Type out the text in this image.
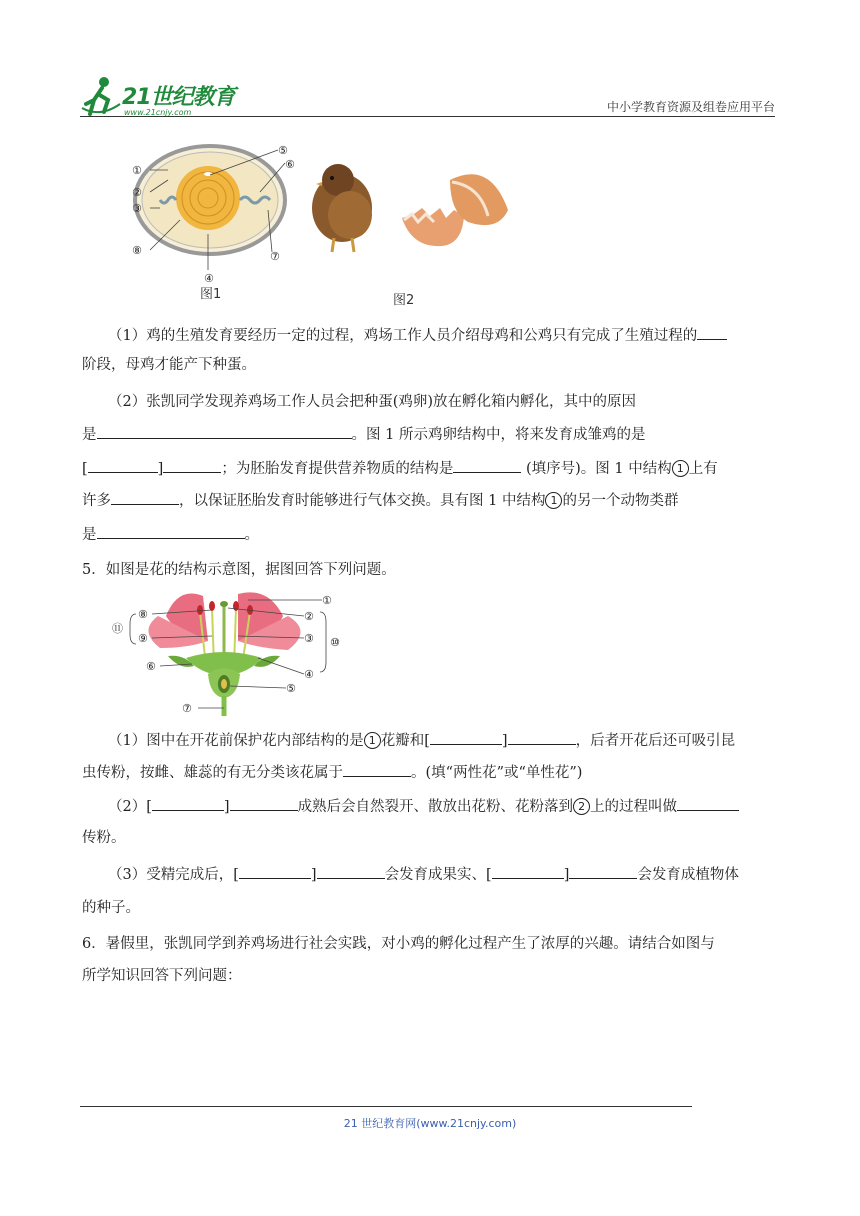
21世纪教育
www.21cnjy.com	中小学教育资源及组卷应用平台
①
②
③
④
⑤
⑥
⑦
⑧
图1	图2
（1）鸡的生殖发育要经历一定的过程，鸡场工作人员介绍母鸡和公鸡只有完成了生殖过程的
阶段，母鸡才能产下种蛋。
（2）张凯同学发现养鸡场工作人员会把种蛋(鸡卵)放在孵化箱内孵化，其中的原因
是	。图 1 所示鸡卵结构中，将来发育成雏鸡的是
[	]	；为胚胎发育提供营养物质的结构是	(填序号)。图 1 中结构 1 上有
许多	，以保证胚胎发育时能够进行气体交换。具有图 1 中结构 1 的另一个动物类群
是	。
5．如图是花的结构示意图，据图回答下列问题。
⑧
⑨
⑪
⑥
⑦
①
②
③
④
⑤
⑩
（1）图中在开花前保护花内部结构的是 1 花瓣和[	]	，后者开花后还可吸引昆
虫传粉，按雌、雄蕊的有无分类该花属于	。(填“两性花”或“单性花”)
（2）[	]	成熟后会自然裂开、散放出花粉、花粉落到 2 上的过程叫做
传粉。
（3）受精完成后，[	]	会发育成果实、[	]	会发育成植物体
的种子。
6．暑假里，张凯同学到养鸡场进行社会实践，对小鸡的孵化过程产生了浓厚的兴趣。请结合如图与
所学知识回答下列问题：
21 世纪教育网(www.21cnjy.com)
